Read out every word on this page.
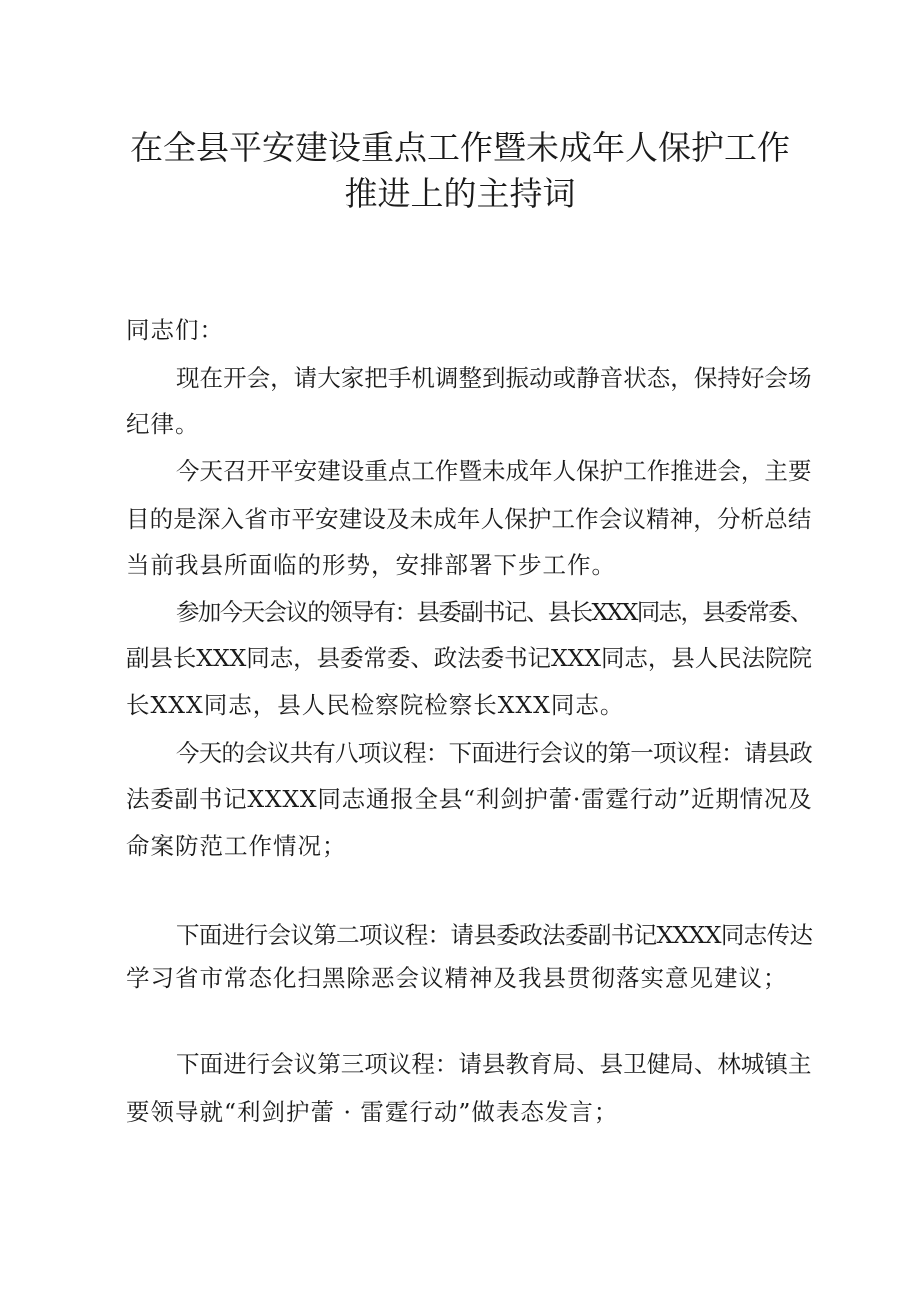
在全县平安建设重点工作暨未成年人保护工作
推进上的主持词
同志们：
现在开会，请大家把手机调整到振动或静音状态，保持好会场
纪律。
今天召开平安建设重点工作暨未成年人保护工作推进会，主要
目的是深入省市平安建设及未成年人保护工作会议精神，分析总结
当前我县所面临的形势，安排部署下步工作。
参加今天会议的领导有：县委副书记、县长XXX同志，县委常委、
副县长XXX同志，县委常委、政法委书记XXX同志，县人民法院院
长XXX同志，县人民检察院检察长XXX同志。
今天的会议共有八项议程：下面进行会议的第一项议程：请县政
法委副书记XXXX同志通报全县“利剑护蕾·雷霆行动”近期情况及
命案防范工作情况；
下面进行会议第二项议程：请县委政法委副书记XXXX同志传达
学习省市常态化扫黑除恶会议精神及我县贯彻落实意见建议；
下面进行会议第三项议程：请县教育局、县卫健局、林城镇主
要领导就“利剑护蕾 · 雷霆行动”做表态发言；
